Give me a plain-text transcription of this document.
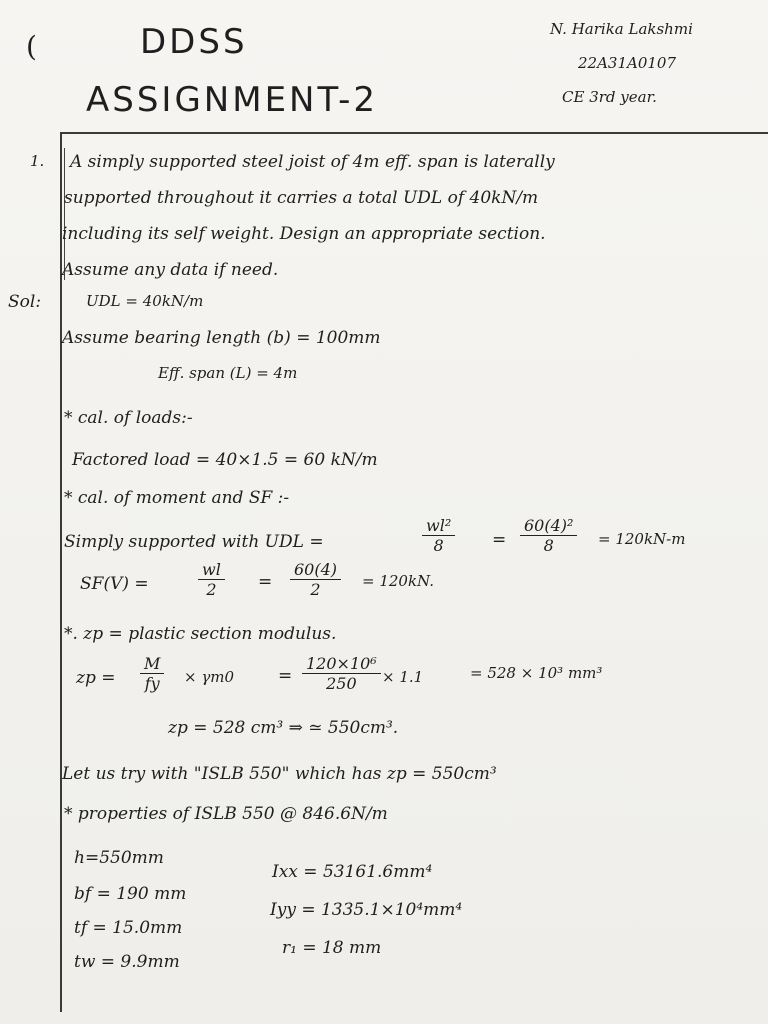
(	DDSS
ASSIGNMENT-2
N. Harika Lakshmi
22A31A0107
CE 3rd year.
1. A simply supported steel joist of 4m eff. span is laterally
supported throughout it carries a total UDL of 40kN/m
including its self weight. Design an appropriate section.
Assume any data if need.
Sol:	UDL = 40kN/m
Assume bearing length (b) = 100mm
Eff. span (L) = 4m
* cal. of loads:-
Factored load = 40×1.5 = 60 kN/m
* cal. of moment and SF :-
Simply supported with UDL =	$\frac{\text{wl²}}{8} = \frac{\text{60(4)²}}{8} = 120kN-m$
SF(V) =	$\frac{wl}{2} = \frac{60(4)}{2} = 120kN$.
*. zp = plastic section modulus.
zp = $\frac{M}{fy} \times \gamma m0$	= $\frac{\text{120×10⁶}}{250} \times 1.1$	= 528 × 10³ mm³
zp = 528 cm³ ⇒ ≃ 550cm³.
Let us try with "ISLB 550" which has zp = 550cm³
* properties of ISLB 550 @ 846.6N/m
h=550mm
bf = 190 mm
tf = 15.0mm
tw = 9.9mm
Ixx = 53161.6mm⁴
Iyy = 1335.1×10⁴mm⁴
r₁ = 18 mm
